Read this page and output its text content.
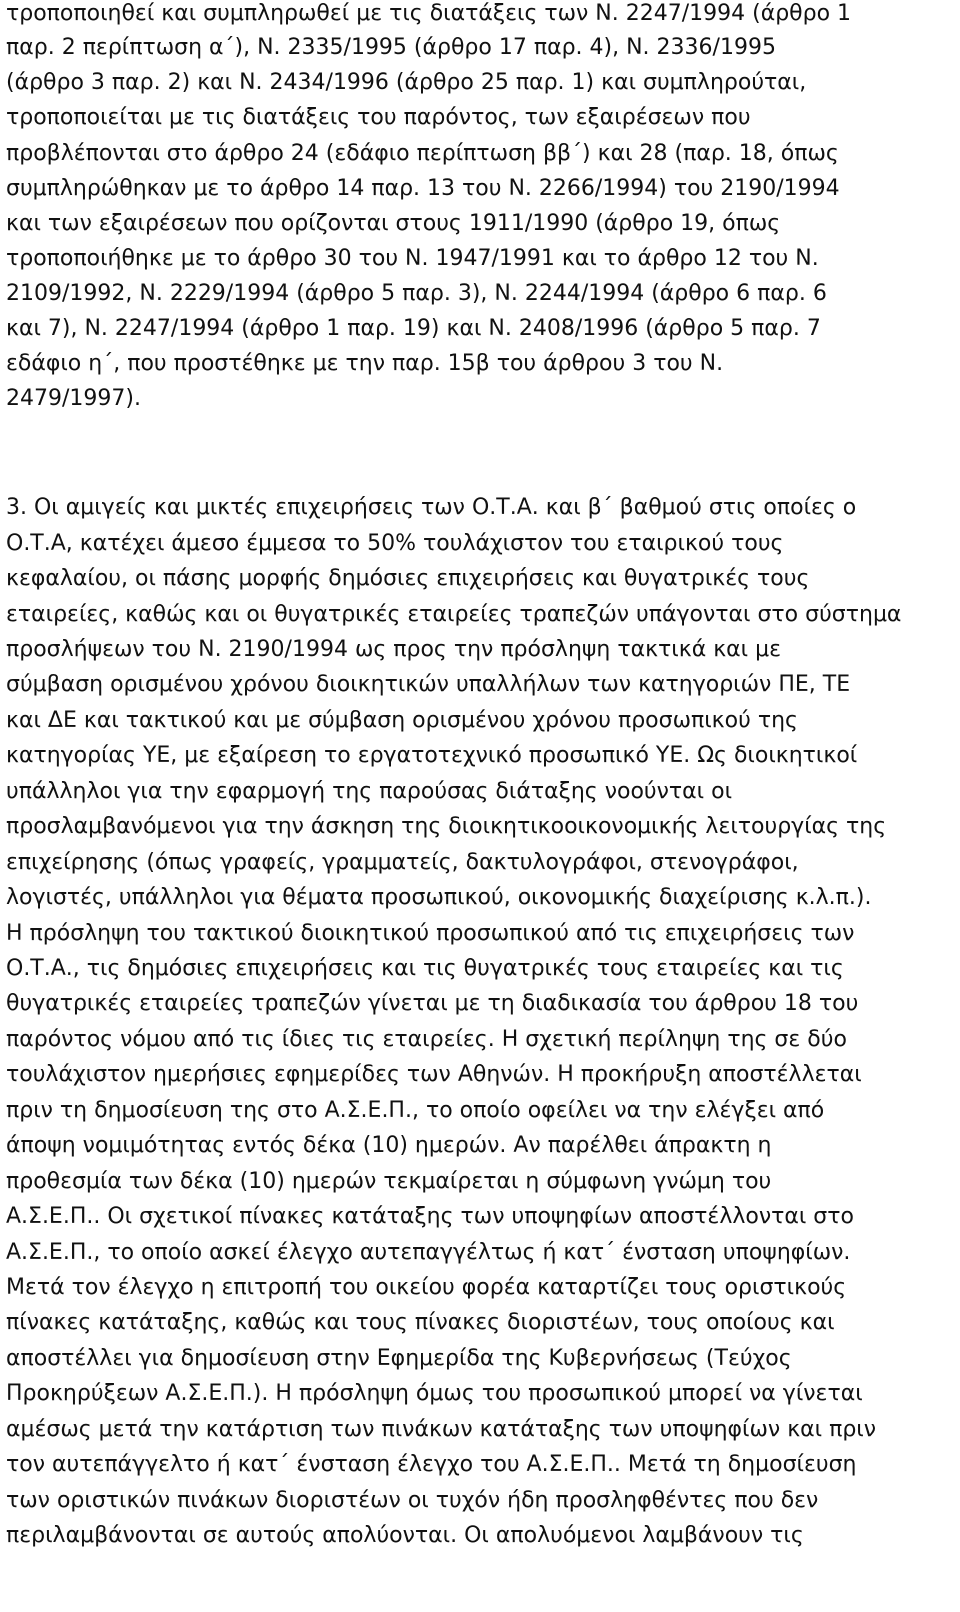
τροποποιηθεί και συμπληρωθεί με τις διατάξεις των Ν. 2247/1994 (άρθρο 1

παρ. 2 περίπτωση α΄), Ν. 2335/1995 (άρθρο 17 παρ. 4), Ν. 2336/1995

(άρθρο 3 παρ. 2) και Ν. 2434/1996 (άρθρο 25 παρ. 1) και συμπληρούται,

τροποποιείται με τις διατάξεις του παρόντος, των εξαιρέσεων που

προβλέπονται στο άρθρο 24 (εδάφιο περίπτωση ββ΄) και 28 (παρ. 18, όπως

συμπληρώθηκαν με το άρθρο 14 παρ. 13 του Ν. 2266/1994) του 2190/1994

και των εξαιρέσεων που ορίζονται στους 1911/1990 (άρθρο 19, όπως

τροποποιήθηκε με το άρθρο 30 του Ν. 1947/1991 και το άρθρο 12 του Ν.

2109/1992, Ν. 2229/1994 (άρθρο 5 παρ. 3), Ν. 2244/1994 (άρθρο 6 παρ. 6

και 7), Ν. 2247/1994 (άρθρο 1 παρ. 19) και Ν. 2408/1996 (άρθρο 5 παρ. 7

εδάφιο η΄, που προστέθηκε με την παρ. 15β του άρθρου 3 του Ν.

2479/1997).

3. Οι αμιγείς και μικτές επιχειρήσεις των Ο.Τ.Α. και β΄ βαθμού στις οποίες ο

Ο.Τ.Α, κατέχει άμεσο έμμεσα το 50% τουλάχιστον του εταιρικού τους

κεφαλαίου, οι πάσης μορφής δημόσιες επιχειρήσεις και θυγατρικές τους

εταιρείες, καθώς και οι θυγατρικές εταιρείες τραπεζών υπάγονται στο σύστημα

προσλήψεων του Ν. 2190/1994 ως προς την πρόσληψη τακτικά και με

σύμβαση ορισμένου χρόνου διοικητικών υπαλλήλων των κατηγοριών ΠΕ, ΤΕ

και ΔΕ και τακτικού και με σύμβαση ορισμένου χρόνου προσωπικού της

κατηγορίας ΥΕ, με εξαίρεση το εργατοτεχνικό προσωπικό ΥΕ. Ως διοικητικοί

υπάλληλοι για την εφαρμογή της παρούσας διάταξης νοούνται οι

προσλαμβανόμενοι για την άσκηση της διοικητικοοικονομικής λειτουργίας της

επιχείρησης (όπως γραφείς, γραμματείς, δακτυλογράφοι, στενογράφοι,

λογιστές, υπάλληλοι για θέματα προσωπικού, οικονομικής διαχείρισης κ.λ.π.).

Η πρόσληψη του τακτικού διοικητικού προσωπικού από τις επιχειρήσεις των

Ο.Τ.Α., τις δημόσιες επιχειρήσεις και τις θυγατρικές τους εταιρείες και τις

θυγατρικές εταιρείες τραπεζών γίνεται με τη διαδικασία του άρθρου 18 του

παρόντος νόμου από τις ίδιες τις εταιρείες. Η σχετική περίληψη της σε δύο

τουλάχιστον ημερήσιες εφημερίδες των Αθηνών. Η προκήρυξη αποστέλλεται

πριν τη δημοσίευση της στο Α.Σ.Ε.Π., το οποίο οφείλει να την ελέγξει από

άποψη νομιμότητας εντός δέκα (10) ημερών. Αν παρέλθει άπρακτη η

προθεσμία των δέκα (10) ημερών τεκμαίρεται η σύμφωνη γνώμη του

Α.Σ.Ε.Π.. Οι σχετικοί πίνακες κατάταξης των υποψηφίων αποστέλλονται στο

Α.Σ.Ε.Π., το οποίο ασκεί έλεγχο αυτεπαγγέλτως ή κατ΄ ένσταση υποψηφίων.

Μετά τον έλεγχο η επιτροπή του οικείου φορέα καταρτίζει τους οριστικούς

πίνακες κατάταξης, καθώς και τους πίνακες διοριστέων, τους οποίους και

αποστέλλει για δημοσίευση στην Εφημερίδα της Κυβερνήσεως (Τεύχος

Προκηρύξεων Α.Σ.Ε.Π.). Η πρόσληψη όμως του προσωπικού μπορεί να γίνεται

αμέσως μετά την κατάρτιση των πινάκων κατάταξης των υποψηφίων και πριν

τον αυτεπάγγελτο ή κατ΄ ένσταση έλεγχο του Α.Σ.Ε.Π.. Μετά τη δημοσίευση

των οριστικών πινάκων διοριστέων οι τυχόν ήδη προσληφθέντες που δεν

περιλαμβάνονται σε αυτούς απολύονται. Οι απολυόμενοι λαμβάνουν τις
